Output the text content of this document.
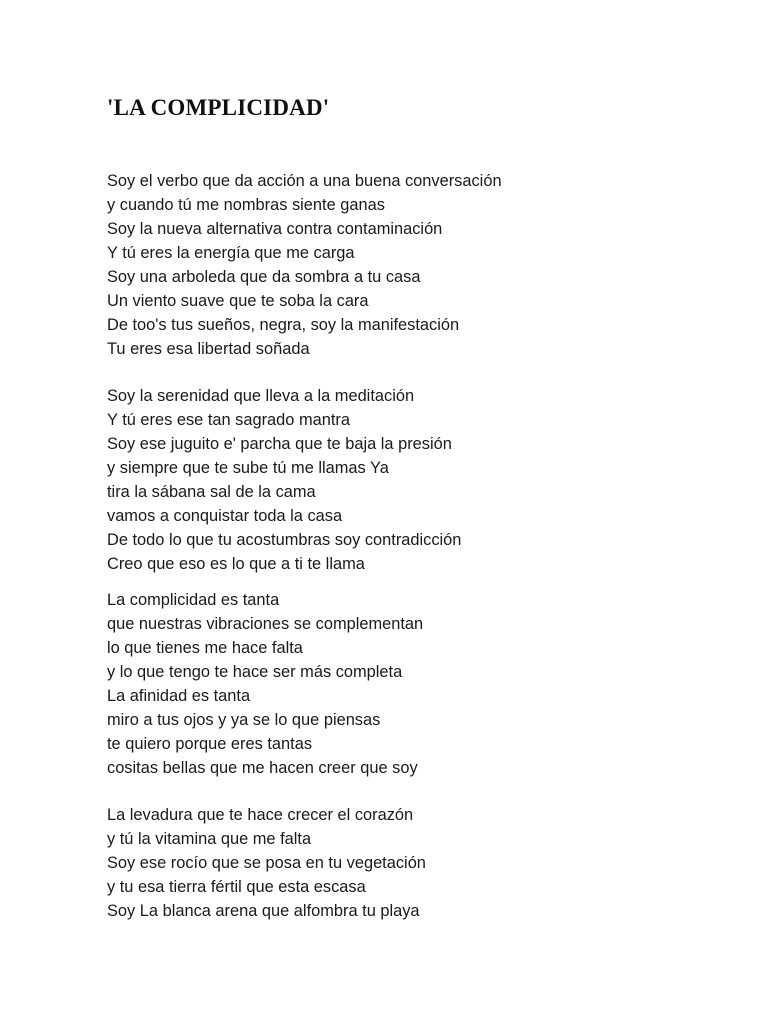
'LA COMPLICIDAD'
Soy el verbo que da acción a una buena conversación
y cuando tú me nombras siente ganas
Soy la nueva alternativa contra contaminación
Y tú eres la energía que me carga
Soy una arboleda que da sombra a tu casa
Un viento suave que te soba la cara
De too's tus sueños, negra, soy la manifestación
Tu eres esa libertad soñada
Soy la serenidad que lleva a la meditación
Y tú eres ese tan sagrado mantra
Soy ese juguito e' parcha que te baja la presión
y siempre que te sube tú me llamas Ya
tira la sábana sal de la cama
vamos a conquistar toda la casa
De todo lo que tu acostumbras soy contradicción
Creo que eso es lo que a ti te llama
La complicidad es tanta
que nuestras vibraciones se complementan
lo que tienes me hace falta
y lo que tengo te hace ser más completa
La afinidad es tanta
miro a tus ojos y ya se lo que piensas
te quiero porque eres tantas
cositas bellas que me hacen creer que soy
La levadura que te hace crecer el corazón
y tú la vitamina que me falta
Soy ese rocío que se posa en tu vegetación
y tu esa tierra fértil que esta escasa
Soy La blanca arena que alfombra tu playa
